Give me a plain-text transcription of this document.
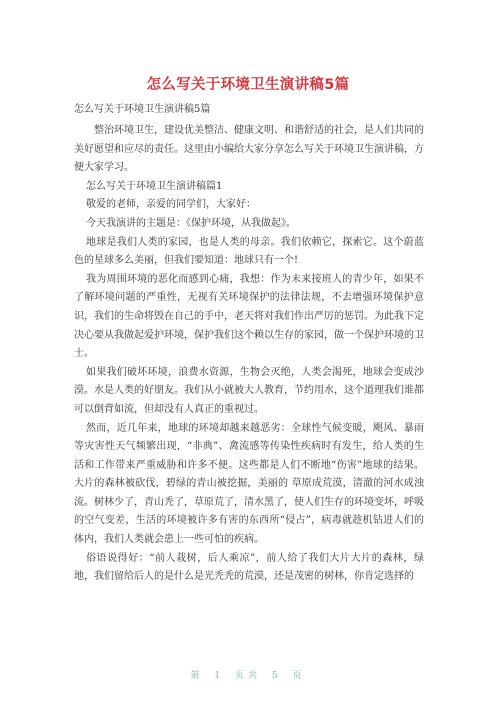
怎么写关于环境卫生演讲稿5篇
怎么写关于环境卫生演讲稿5篇

整治环境卫生，建设优美整洁、健康文明、和谐舒适的社会，是人们共同的美好愿望和应尽的责任。这里由小编给大家分享怎么写关于环境卫生演讲稿，方便大家学习。

怎么写关于环境卫生演讲稿篇1

敬爱的老师，亲爱的同学们，大家好：

今天我演讲的主题是：《保护环境，从我做起》。

地球是我们人类的家园，也是人类的母亲。我们依赖它，探索它。这个蔚蓝色的星球多么美丽，但我们要知道：地球只有一个!

我为周围环境的恶化而感到心痛，我想：作为未来接班人的青少年，如果不了解环境问题的严重性，无视有关环境保护的法律法规，不去增强环境保护意识，我们的生命将毁在自己的手中，老天将对我们作出严厉的惩罚。为此我下定决心要从我做起爱护环境，保护我们这个赖以生存的家园，做一个保护环境的卫士。

如果我们破坏环境，浪费水资源，生物会灭绝，人类会渴死，地球会变成沙漠。水是人类的好朋友。我们从小就被大人教育，节约用水，这个道理我们谁都可以倒背如流，但却没有人真正的重视过。

然而，近几年来，地球的环境却越来越恶劣：全球性气候变暖，飓风、暴雨等灾害性天气频繁出现，“非典”、禽流感等传染性疾病时有发生，给人类的生活和工作带来严重威胁和许多不便。这些都是人们不断地“伤害”地球的结果。大片的森林被砍伐，碧绿的青山被挖掘，美丽的 草原成荒漠，清澈的河水成浊流。树林少了，青山秃了，草原荒了，清水黑了，使人们生存的环境变坏，呼吸的空气变差，生活的环境被许多有害的东西所“侵占”，病毒就趁机钻进人们的体内，我们人类就会患上一些可怕的疾病。

俗语说得好：“前人栽树，后人乘凉”，前人给了我们大片大片的森林，绿地，我们留给后人的是什么是光秃秃的荒漠，还是茂密的树林，你肯定选择的

第 1 页共 5 页
